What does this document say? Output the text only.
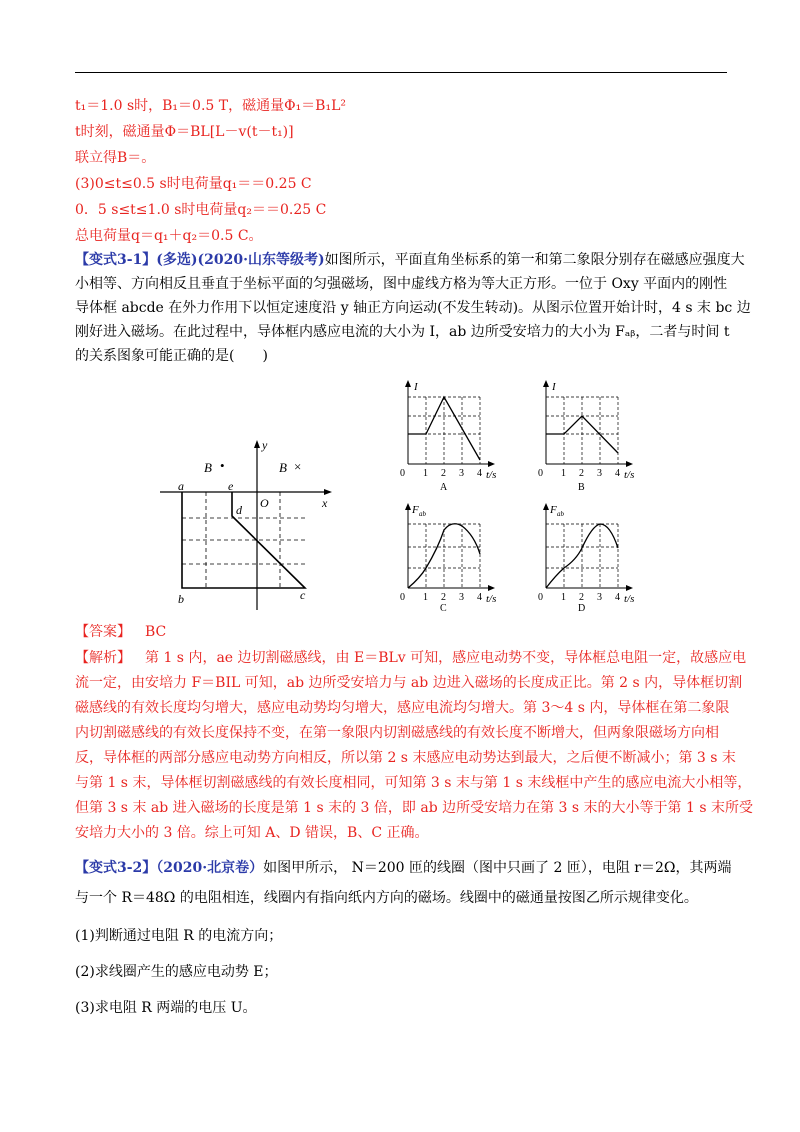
t₁＝1.0 s时，B₁＝0.5 T，磁通量Φ₁＝B₁L²
t时刻，磁通量Φ＝BL[L－v(t－t₁)]
联立得B＝。
(3)0≤t≤0.5 s时电荷量q₁＝＝0.25 C
0．5 s≤t≤1.0 s时电荷量q₂＝＝0.25 C
总电荷量q＝q₁＋q₂＝0.5 C。
【变式3-1】(多选)(2020·山东等级考)如图所示，平面直角坐标系的第一和第二象限分别存在磁感应强度大
小相等、方向相反且垂直于坐标平面的匀强磁场，图中虚线方格为等大正方形。一位于 Oxy 平面内的刚性
导体框 abcde 在外力作用下以恒定速度沿 y 轴正方向运动(不发生转动)。从图示位置开始计时，4 s 末 bc 边
刚好进入磁场。在此过程中，导体框内感应电流的大小为 I，ab 边所受安培力的大小为 Fₐᵦ，二者与时间 t
的关系图象可能正确的是(　　)
B •	B ×
y
x
O
a	e
d
b	c
I
0 1 2 3 4 t/s
A
I
0 1 2 3 4 t/s
B
F ab
0 1 2 3 4 t/s
C
F ab
0 1 2 3 4 t/s
D
【答案】 BC
【解析】 第 1 s 内，ae 边切割磁感线，由 E＝BLv 可知，感应电动势不变，导体框总电阻一定，故感应电
流一定，由安培力 F＝BIL 可知，ab 边所受安培力与 ab 边进入磁场的长度成正比。第 2 s 内，导体框切割
磁感线的有效长度均匀增大，感应电动势均匀增大，感应电流均匀增大。第 3～4 s 内，导体框在第二象限
内切割磁感线的有效长度保持不变，在第一象限内切割磁感线的有效长度不断增大，但两象限磁场方向相
反，导体框的两部分感应电动势方向相反，所以第 2 s 末感应电动势达到最大，之后便不断减小；第 3 s 末
与第 1 s 末，导体框切割磁感线的有效长度相同，可知第 3 s 末与第 1 s 末线框中产生的感应电流大小相等，
但第 3 s 末 ab 进入磁场的长度是第 1 s 末的 3 倍，即 ab 边所受安培力在第 3 s 末的大小等于第 1 s 末所受
安培力大小的 3 倍。综上可知 A、D 错误，B、C 正确。
【变式3-2】（2020·北京卷）如图甲所示， N＝200 匝的线圈（图中只画了 2 匝），电阻 r＝2Ω，其两端
与一个 R＝48Ω 的电阻相连，线圈内有指向纸内方向的磁场。线圈中的磁通量按图乙所示规律变化。
(1)判断通过电阻 R 的电流方向；
(2)求线圈产生的感应电动势 E；
(3)求电阻 R 两端的电压 U。
